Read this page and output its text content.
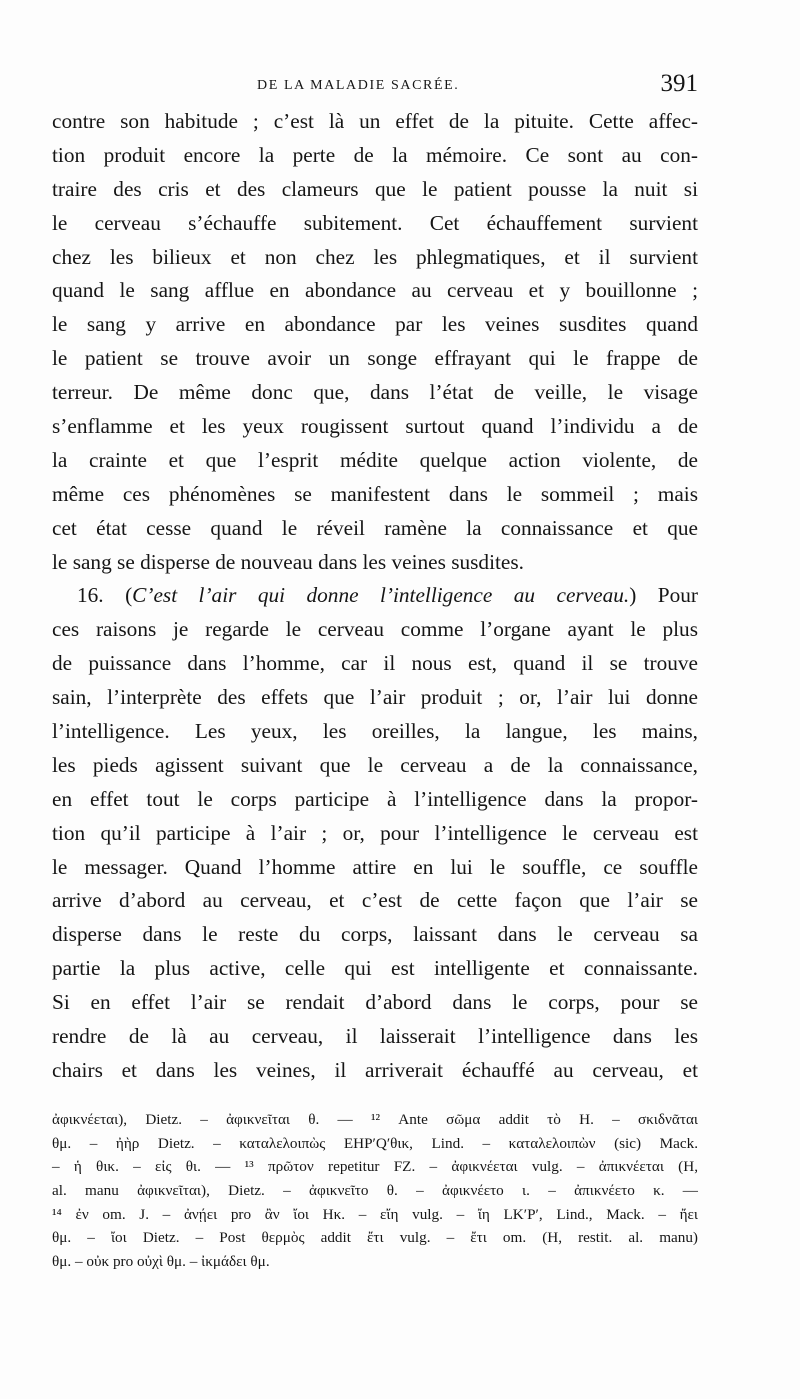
DE LA MALADIE SACRÉE.	391
contre son habitude ; c’est là un effet de la pituite. Cette affec-
tion produit encore la perte de la mémoire. Ce sont au con-
traire des cris et des clameurs que le patient pousse la nuit si
le cerveau s’échauffe subitement. Cet échauffement survient
chez les bilieux et non chez les phlegmatiques, et il survient
quand le sang afflue en abondance au cerveau et y bouillonne ;
le sang y arrive en abondance par les veines susdites quand
le patient se trouve avoir un songe effrayant qui le frappe de
terreur. De même donc que, dans l’état de veille, le visage
s’enflamme et les yeux rougissent surtout quand l’individu a de
la crainte et que l’esprit médite quelque action violente, de
même ces phénomènes se manifestent dans le sommeil ; mais
cet état cesse quand le réveil ramène la connaissance et que
le sang se disperse de nouveau dans les veines susdites.
16. (C’est l’air qui donne l’intelligence au cerveau.) Pour
ces raisons je regarde le cerveau comme l’organe ayant le plus
de puissance dans l’homme, car il nous est, quand il se trouve
sain, l’interprète des effets que l’air produit ; or, l’air lui donne
l’intelligence. Les yeux, les oreilles, la langue, les mains,
les pieds agissent suivant que le cerveau a de la connaissance,
en effet tout le corps participe à l’intelligence dans la propor-
tion qu’il participe à l’air ; or, pour l’intelligence le cerveau est
le messager. Quand l’homme attire en lui le souffle, ce souffle
arrive d’abord au cerveau, et c’est de cette façon que l’air se
disperse dans le reste du corps, laissant dans le cerveau sa
partie la plus active, celle qui est intelligente et connaissante.
Si en effet l’air se rendait d’abord dans le corps, pour se
rendre de là au cerveau, il laisserait l’intelligence dans les
chairs et dans les veines, il arriverait échauffé au cerveau, et
ἀφικνέεται), Dietz. – ἀφικνεῖται θ. — ¹² Ante σῶμα addit τὸ H. – σκιδνᾶται
θμ. – ἠὴρ Dietz. – καταλελοιπὼς EHP′Q′θικ, Lind. – καταλελοιπὼν (sic) Mack.
– ἡ θικ. – εἰς θι. — ¹³ πρῶτον repetitur FZ. – ἀφικνέεται vulg. – ἀπικνέεται (H,
al. manu ἀφικνεῖται), Dietz. – ἀφικνεῖτο θ. – ἀφικνέετο ι. – ἀπικνέετο κ. —
¹⁴ ἐν om. J. – ἀνῄει pro ἂν ἴοι Hκ. – εἴη vulg. – ἴη LK′P′, Lind., Mack. – ἤει
θμ. – ἴοι Dietz. – Post θερμὸς addit ἔτι vulg. – ἔτι om. (H, restit. al. manu)
θμ. – οὐκ pro οὐχὶ θμ. – ἰκμάδει θμ.
